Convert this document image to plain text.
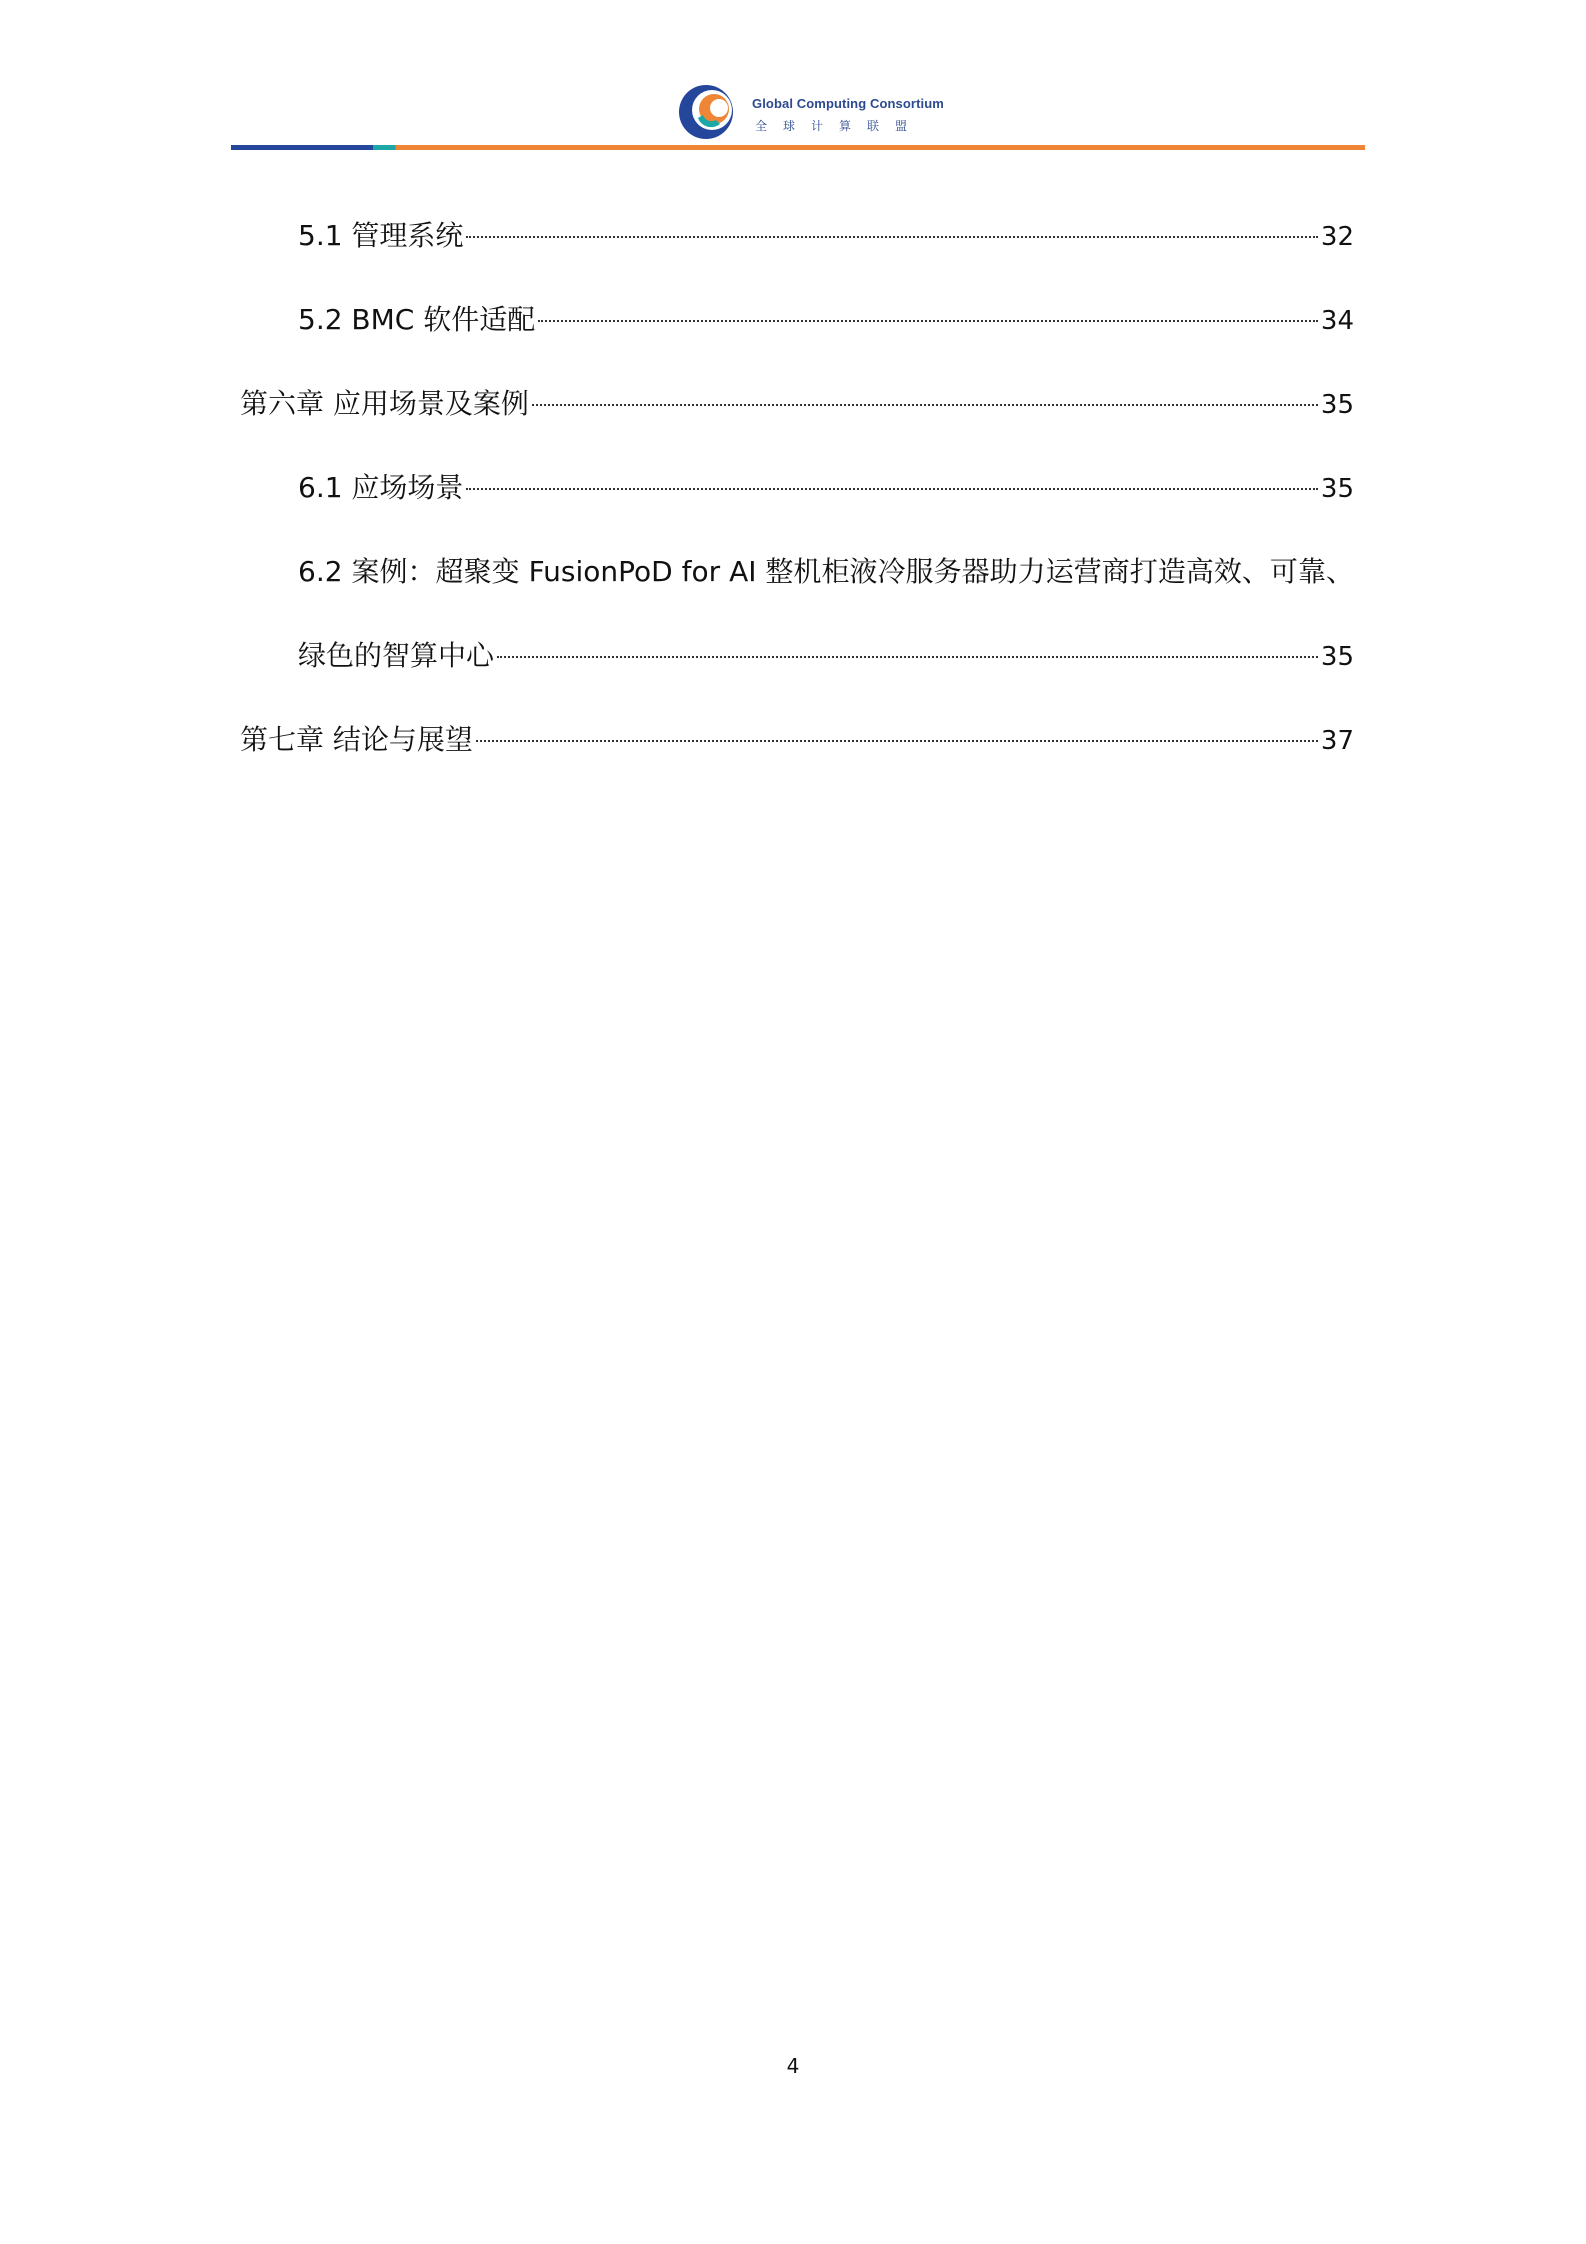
Global Computing Consortium
全球计算联盟
5.1 管理系统	32
5.2 BMC 软件适配	34
第六章 应用场景及案例	35
6.1 应场场景	35
6.2 案例：超聚变 FusionPoD for AI 整机柜液冷服务器助力运营商打造高效、可靠、
绿色的智算中心	35
第七章 结论与展望	37
4
